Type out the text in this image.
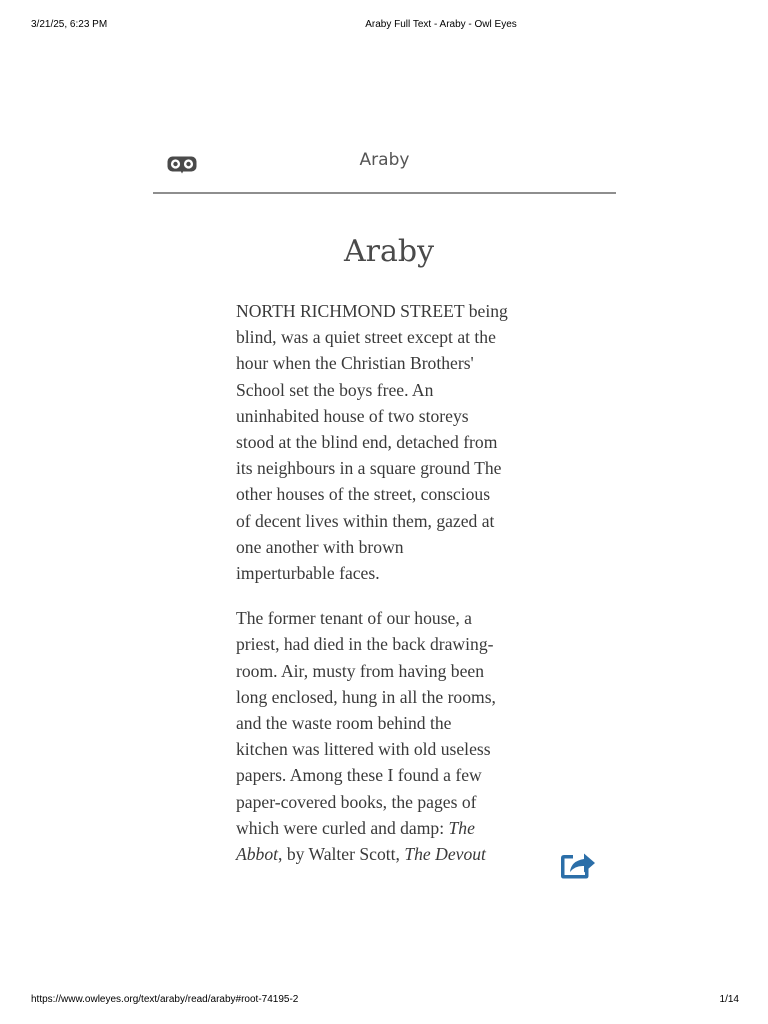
3/21/25, 6:23 PM	Araby Full Text - Araby - Owl Eyes
Araby
Araby

NORTH RICHMOND STREET being
blind, was a quiet street except at the
hour when the Christian Brothers'
School set the boys free. An
uninhabited house of two storeys
stood at the blind end, detached from
its neighbours in a square ground The
other houses of the street, conscious
of decent lives within them, gazed at
one another with brown
imperturbable faces.

The former tenant of our house, a
priest, had died in the back drawing-
room. Air, musty from having been
long enclosed, hung in all the rooms,
and the waste room behind the
kitchen was littered with old useless
papers. Among these I found a few
paper-covered books, the pages of
which were curled and damp: The
Abbot, by Walter Scott, The Devout

https://www.owleyes.org/text/araby/read/araby#root-74195-2	1/14
